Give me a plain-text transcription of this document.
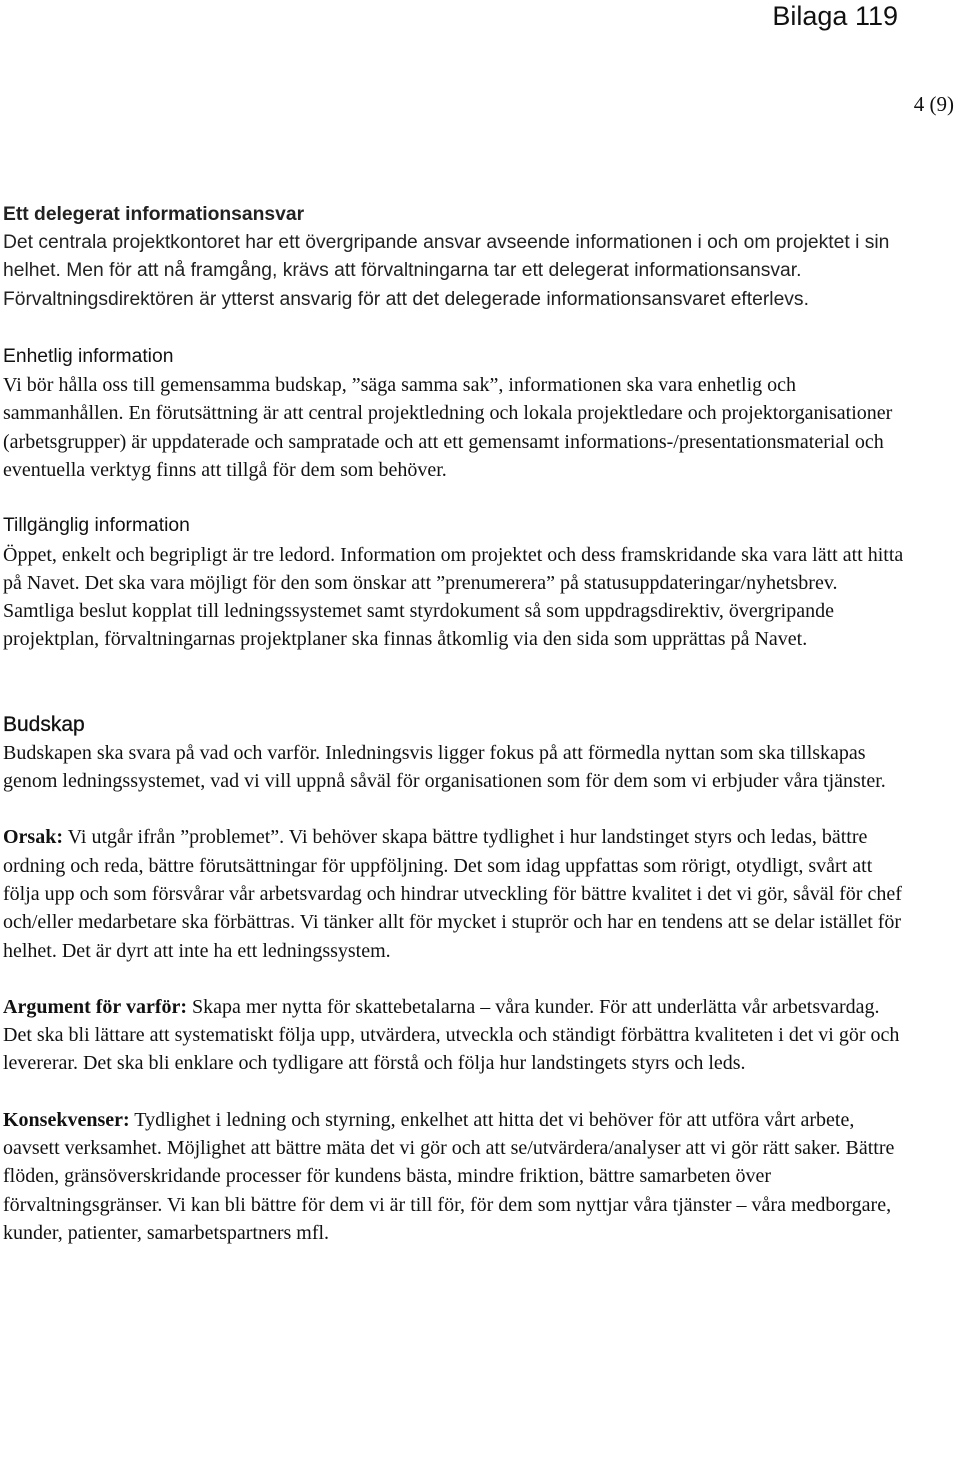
Bilaga 119
4 (9)
Ett delegerat informationsansvar

Det centrala projektkontoret har ett övergripande ansvar avseende informationen i och om projektet i sin helhet. Men för att nå framgång, krävs att förvaltningarna tar ett delegerat informationsansvar. Förvaltningsdirektören är ytterst ansvarig för att det delegerade informationsansvaret efterlevs.

Enhetlig information

Vi bör hålla oss till gemensamma budskap, ”säga samma sak”, informationen ska vara enhetlig och sammanhållen. En förutsättning är att central projektledning och lokala projektledare och projektorganisationer (arbetsgrupper) är uppdaterade och sampratade och att ett gemensamt informations-/presentationsmaterial och eventuella verktyg finns att tillgå för dem som behöver.

Tillgänglig information

Öppet, enkelt och begripligt är tre ledord. Information om projektet och dess framskridande ska vara lätt att hitta på Navet. Det ska vara möjligt för den som önskar att ”prenumerera” på statusuppdateringar/nyhetsbrev. Samtliga beslut kopplat till ledningssystemet samt styrdokument så som uppdragsdirektiv, övergripande projektplan, förvaltningarnas projektplaner ska finnas åtkomlig via den sida som upprättas på Navet.

Budskap

Budskapen ska svara på vad och varför. Inledningsvis ligger fokus på att förmedla nyttan som ska tillskapas genom ledningssystemet, vad vi vill uppnå såväl för organisationen som för dem som vi erbjuder våra tjänster.

Orsak: Vi utgår ifrån ”problemet”. Vi behöver skapa bättre tydlighet i hur landstinget styrs och ledas, bättre ordning och reda, bättre förutsättningar för uppföljning. Det som idag uppfattas som rörigt, otydligt, svårt att följa upp och som försvårar vår arbetsvardag och hindrar utveckling för bättre kvalitet i det vi gör, såväl för chef och/eller medarbetare ska förbättras. Vi tänker allt för mycket i stuprör och har en tendens att se delar istället för helhet. Det är dyrt att inte ha ett ledningssystem.

Argument för varför: Skapa mer nytta för skattebetalarna – våra kunder. För att underlätta vår arbetsvardag. Det ska bli lättare att systematiskt följa upp, utvärdera, utveckla och ständigt förbättra kvaliteten i det vi gör och levererar. Det ska bli enklare och tydligare att förstå och följa hur landstingets styrs och leds.

Konsekvenser: Tydlighet i ledning och styrning, enkelhet att hitta det vi behöver för att utföra vårt arbete, oavsett verksamhet. Möjlighet att bättre mäta det vi gör och att se/utvärdera/analyser att vi gör rätt saker. Bättre flöden, gränsöverskridande processer för kundens bästa, mindre friktion, bättre samarbeten över förvaltningsgränser. Vi kan bli bättre för dem vi är till för, för dem som nyttjar våra tjänster – våra medborgare, kunder, patienter, samarbetspartners mfl.
